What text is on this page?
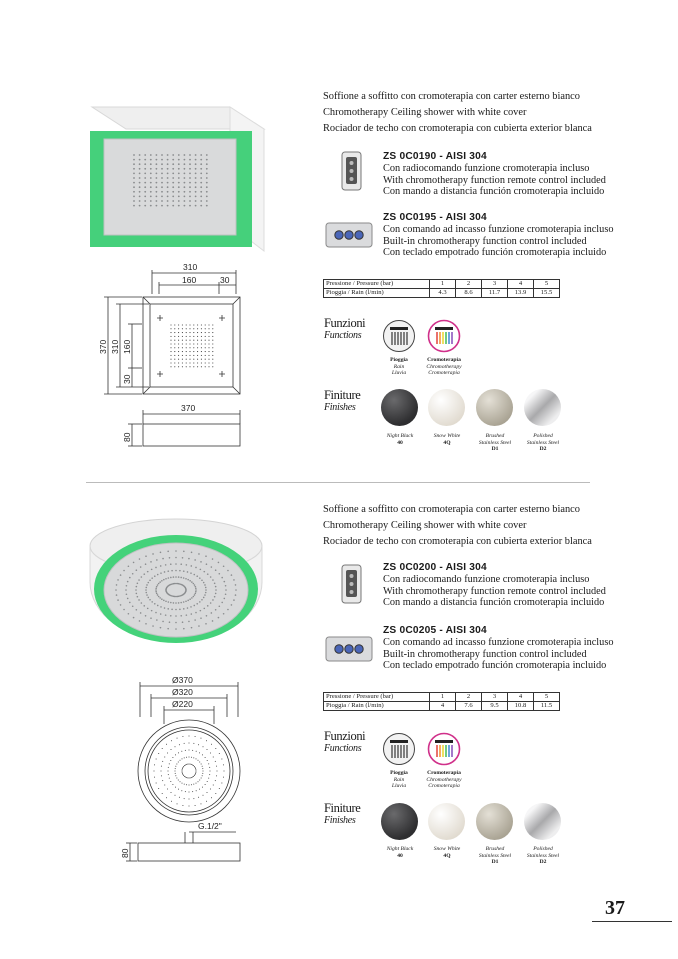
Soffione a soffitto con cromoterapia con carter esterno bianco
Chromotherapy Ceiling shower with white cover
Rociador de techo con cromoterapia con cubierta exterior blanca
ZS 0C0190 - AISI 304
Con radiocomando funzione cromoterapia incluso
With chromotherapy function remote control included
Con mando a distancia función cromoterapia incluido
ZS 0C0195 - AISI 304
Con comando ad incasso funzione cromoterapia incluso
Built-in chromotherapy function control included
Con teclado empotrado función cromoterapia incluido
Pressione / Pressure (bar)	1	2	3	4	5
Pioggia / Rain (l/min)	4.3	8.6	11.7	13.9	15.5
310
160	30
370 310 160
30
370
80
Funzioni
Functions
Pioggia
Rain
Lluvia
Cromoterapia
Chromotherapy
Cromoterapia
Finiture
Finishes
Night Black
40
Snow White
4Q
Brushed
Stainless Steel
D1
Polished
Stainless Steel
D2
Soffione a soffitto con cromoterapia con carter esterno bianco
Chromotherapy Ceiling shower with white cover
Rociador de techo con cromoterapia con cubierta exterior blanca
ZS 0C0200 - AISI 304
Con radiocomando funzione cromoterapia incluso
With chromotherapy function remote control included
Con mando a distancia función cromoterapia incluido
ZS 0C0205 - AISI 304
Con comando ad incasso funzione cromoterapia incluso
Built-in chromotherapy function control included
Con teclado empotrado función cromoterapia incluido
Pressione / Pressure (bar)	1	2	3	4	5
Pioggia / Rain (l/min)	4	7.6	9.5	10.8	11.5
Ø370
Ø320
Ø220
G.1/2"
80
Funzioni
Functions
Pioggia
Rain
Lluvia
Cromoterapia
Chromotherapy
Cromoterapia
Finiture
Finishes
Night Black
40
Snow White
4Q
Brushed
Stainless Steel
D1
Polished
Stainless Steel
D2
37
